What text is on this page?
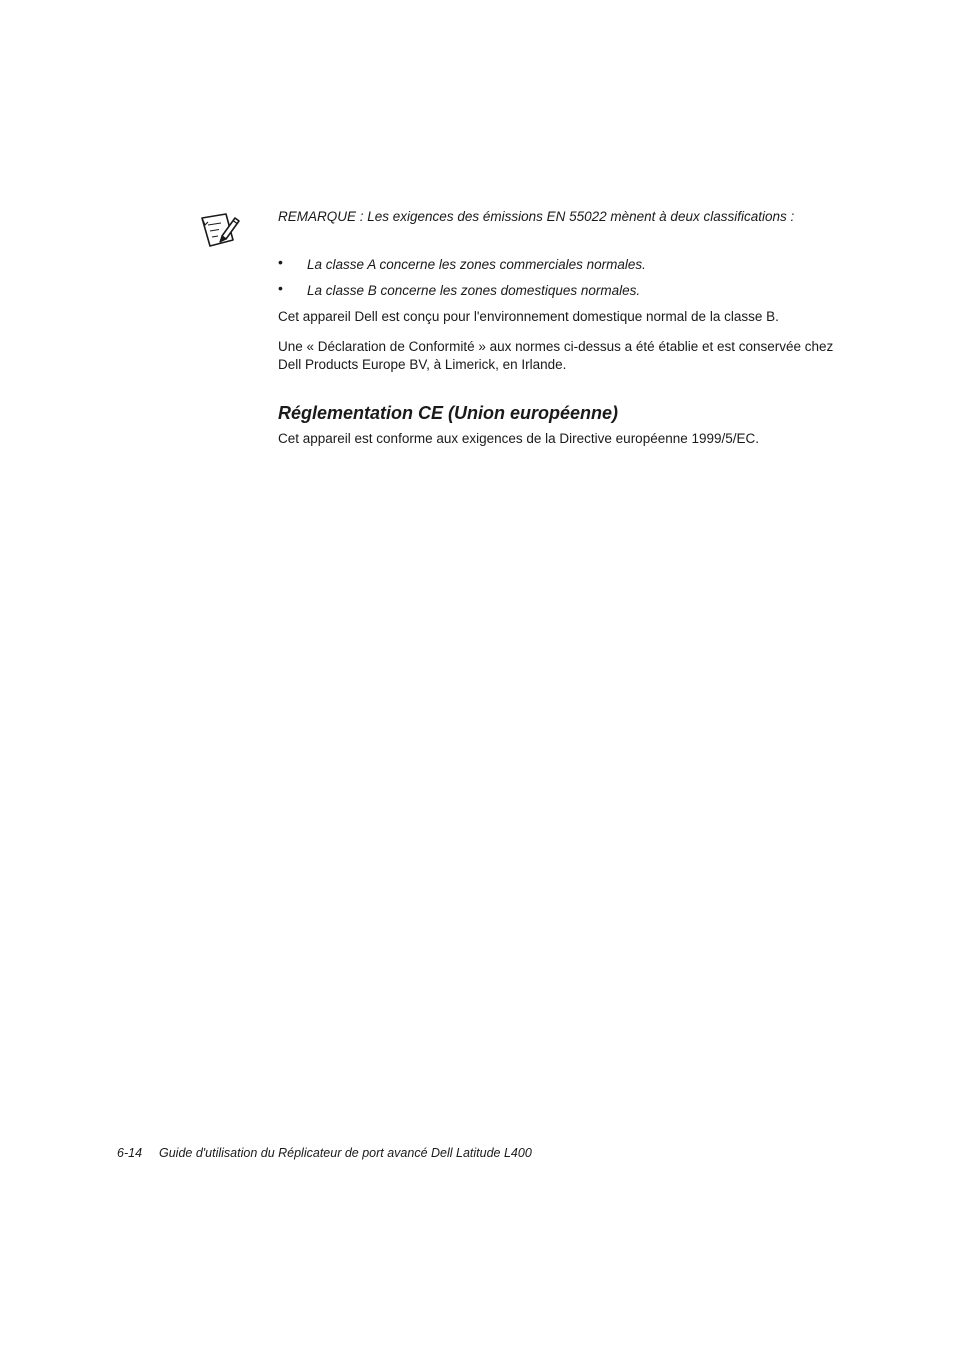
REMARQUE : Les exigences des émissions EN 55022 mènent à deux classifications :
• La classe A concerne les zones commerciales normales.
• La classe B concerne les zones domestiques normales.

Cet appareil Dell est conçu pour l'environnement domestique normal de la classe B.

Une « Déclaration de Conformité » aux normes ci-dessus a été établie et est conservée chez Dell Products Europe BV, à Limerick, en Irlande.

Réglementation CE (Union européenne)

Cet appareil est conforme aux exigences de la Directive européenne 1999/5/EC.

6-14 Guide d'utilisation du Réplicateur de port avancé Dell Latitude L400
